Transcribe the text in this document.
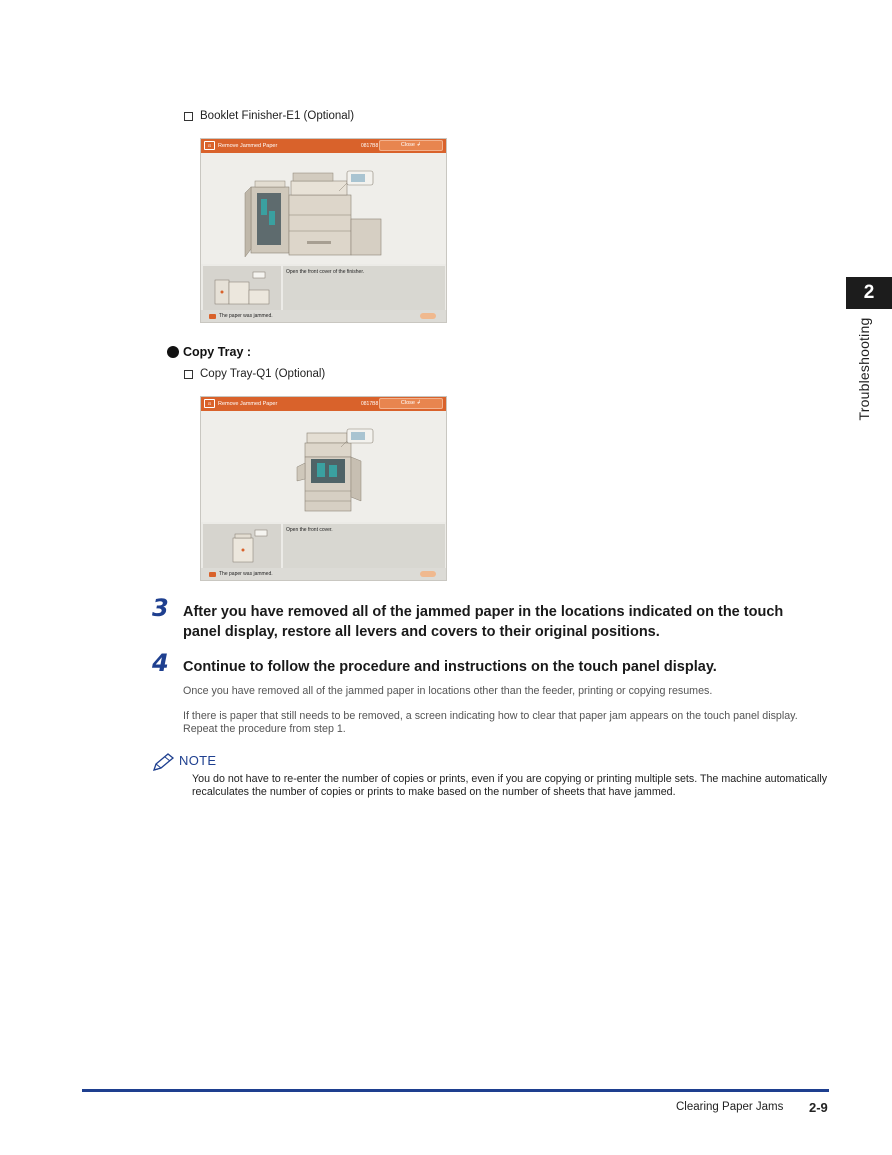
2
Troubleshooting
Booklet Finisher-E1 (Optional)
⊡	Remove Jammed Paper	0817B8	Close ↲
Open the front cover of the finisher.
The paper was jammed.
Copy Tray :
Copy Tray-Q1 (Optional)
⊡	Remove Jammed Paper	0817B8	Close ↲
Open the front cover.
The paper was jammed.
3 After you have removed all of the jammed paper in the locations indicated on the touch panel display, restore all levers and covers to their original positions.
4 Continue to follow the procedure and instructions on the touch panel display.
Once you have removed all of the jammed paper in locations other than the feeder, printing or copying resumes.
If there is paper that still needs to be removed, a screen indicating how to clear that paper jam appears on the touch panel display. Repeat the procedure from step 1.
NOTE
You do not have to re-enter the number of copies or prints, even if you are copying or printing multiple sets. The machine automatically recalculates the number of copies or prints to make based on the number of sheets that have jammed.
Clearing Paper Jams 2-9
